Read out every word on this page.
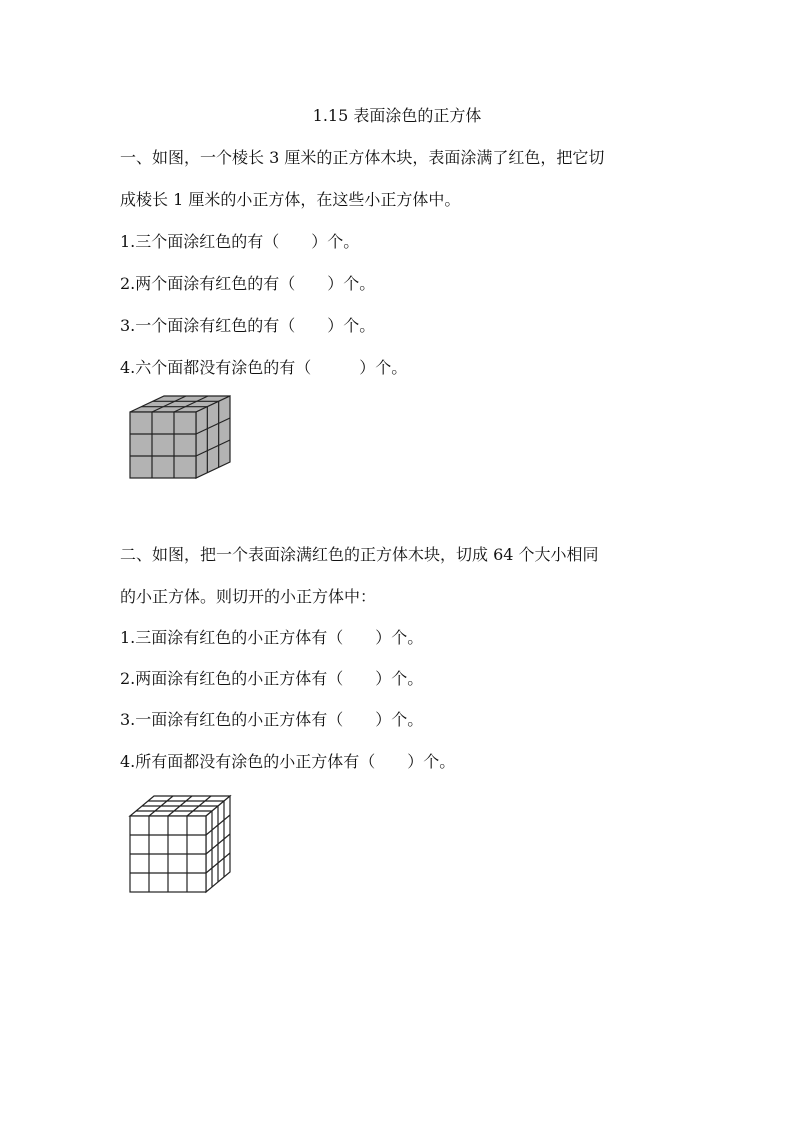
1.15 表面涂色的正方体
一、如图，一个棱长 3 厘米的正方体木块，表面涂满了红色，把它切
成棱长 1 厘米的小正方体，在这些小正方体中。
1.三个面涂红色的有（　　）个。
2.两个面涂有红色的有（　　）个。
3.一个面涂有红色的有（　　）个。
4.六个面都没有涂色的有（　　　）个。
二、如图，把一个表面涂满红色的正方体木块，切成 64 个大小相同
的小正方体。则切开的小正方体中：
1.三面涂有红色的小正方体有（　　）个。
2.两面涂有红色的小正方体有（　　）个。
3.一面涂有红色的小正方体有（　　）个。
4.所有面都没有涂色的小正方体有（　　）个。
